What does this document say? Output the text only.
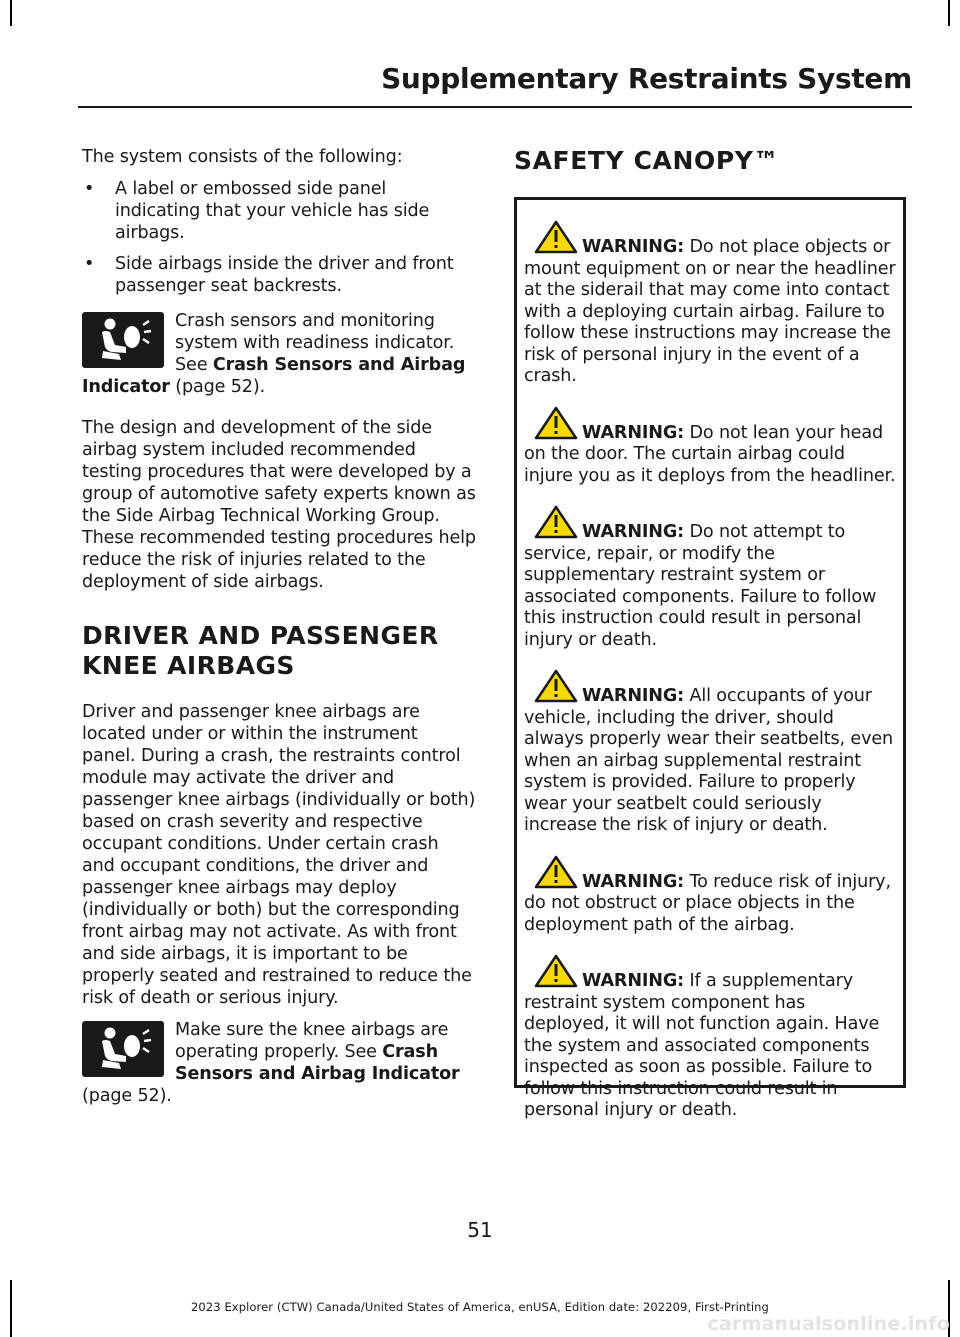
Supplementary Restraints System

The system consists of the following:

• A label or embossed side panel indicating that your vehicle has side airbags.
• Side airbags inside the driver and front passenger seat backrests.
Crash sensors and monitoring system with readiness indicator. See Crash Sensors and Airbag Indicator (page 52).

The design and development of the side airbag system included recommended testing procedures that were developed by a group of automotive safety experts known as the Side Airbag Technical Working Group. These recommended testing procedures help reduce the risk of injuries related to the deployment of side airbags.

DRIVER AND PASSENGER
KNEE AIRBAGS

Driver and passenger knee airbags are located under or within the instrument panel. During a crash, the restraints control module may activate the driver and passenger knee airbags (individually or both) based on crash severity and respective occupant conditions. Under certain crash and occupant conditions, the driver and passenger knee airbags may deploy (individually or both) but the corresponding front airbag may not activate. As with front and side airbags, it is important to be properly seated and restrained to reduce the risk of death or serious injury.

Make sure the knee airbags are operating properly. See Crash Sensors and Airbag Indicator (page 52).
SAFETY CANOPY™

WARNING: Do not place objects or mount equipment on or near the headliner at the siderail that may come into contact with a deploying curtain airbag. Failure to follow these instructions may increase the risk of personal injury in the event of a crash.

WARNING: Do not lean your head on the door. The curtain airbag could injure you as it deploys from the headliner.

WARNING: Do not attempt to service, repair, or modify the supplementary restraint system or associated components. Failure to follow this instruction could result in personal injury or death.

WARNING: All occupants of your vehicle, including the driver, should always properly wear their seatbelts, even when an airbag supplemental restraint system is provided. Failure to properly wear your seatbelt could seriously increase the risk of injury or death.

WARNING: To reduce risk of injury, do not obstruct or place objects in the deployment path of the airbag.

WARNING: If a supplementary restraint system component has deployed, it will not function again. Have the system and associated components inspected as soon as possible. Failure to follow this instruction could result in personal injury or death.

51
2023 Explorer (CTW) Canada/United States of America, enUSA, Edition date: 202209, First-Printing
carmanualsonline.info
